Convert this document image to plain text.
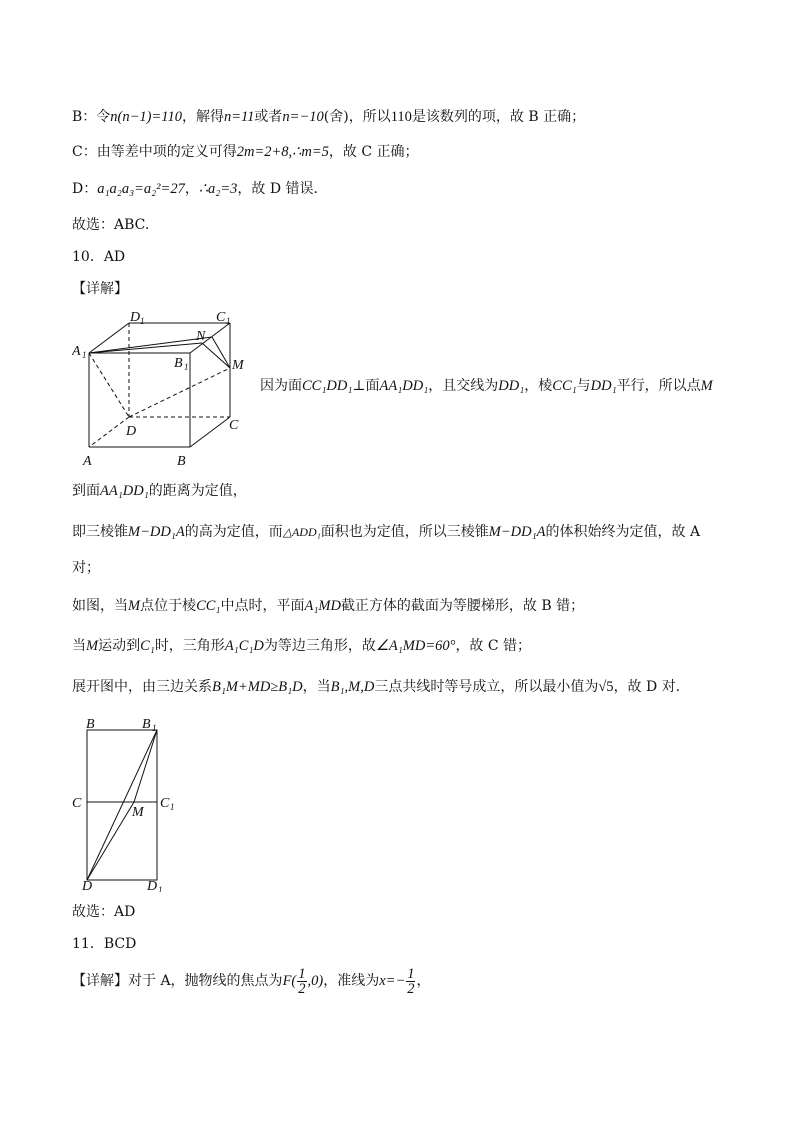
B：令n(n−1)=110，解得n=11或者n=−10(舍)，所以110是该数列的项，故 B 正确；
C：由等差中项的定义可得2m=2+8,∴m=5，故 C 正确；
D：a₁a₂a₃=a₂²=27，∴a₂=3，故 D 错误.
故选：ABC.
10．AD
【详解】
D 1	C 1
A 1
N
B 1	M
D	C
A	B
因为面CC₁DD₁⊥面AA₁DD₁，且交线为DD₁，棱CC₁与DD₁平行，所以点M
到面AA₁DD₁的距离为定值，
即三棱锥M−DD₁A的高为定值，而△ADD₁面积也为定值，所以三棱锥M−DD₁A的体积始终为定值，故 A
对；
如图，当M点位于棱CC₁中点时，平面A₁MD截正方体的截面为等腰梯形，故 B 错；
当M运动到C₁时，三角形A₁C₁D为等边三角形，故∠A₁MD=60°，故 C 错；
展开图中，由三边关系B₁M+MD≥B₁D，当B₁,M,D三点共线时等号成立，所以最小值为√5，故 D 对.
B	B 1
C	C 1
M
D	D 1
故选：AD
11．BCD
【详解】对于 A，抛物线的焦点为$F( \frac{1}{2} ,0)$，准线为$x=- \frac{1}{2}$ ，
